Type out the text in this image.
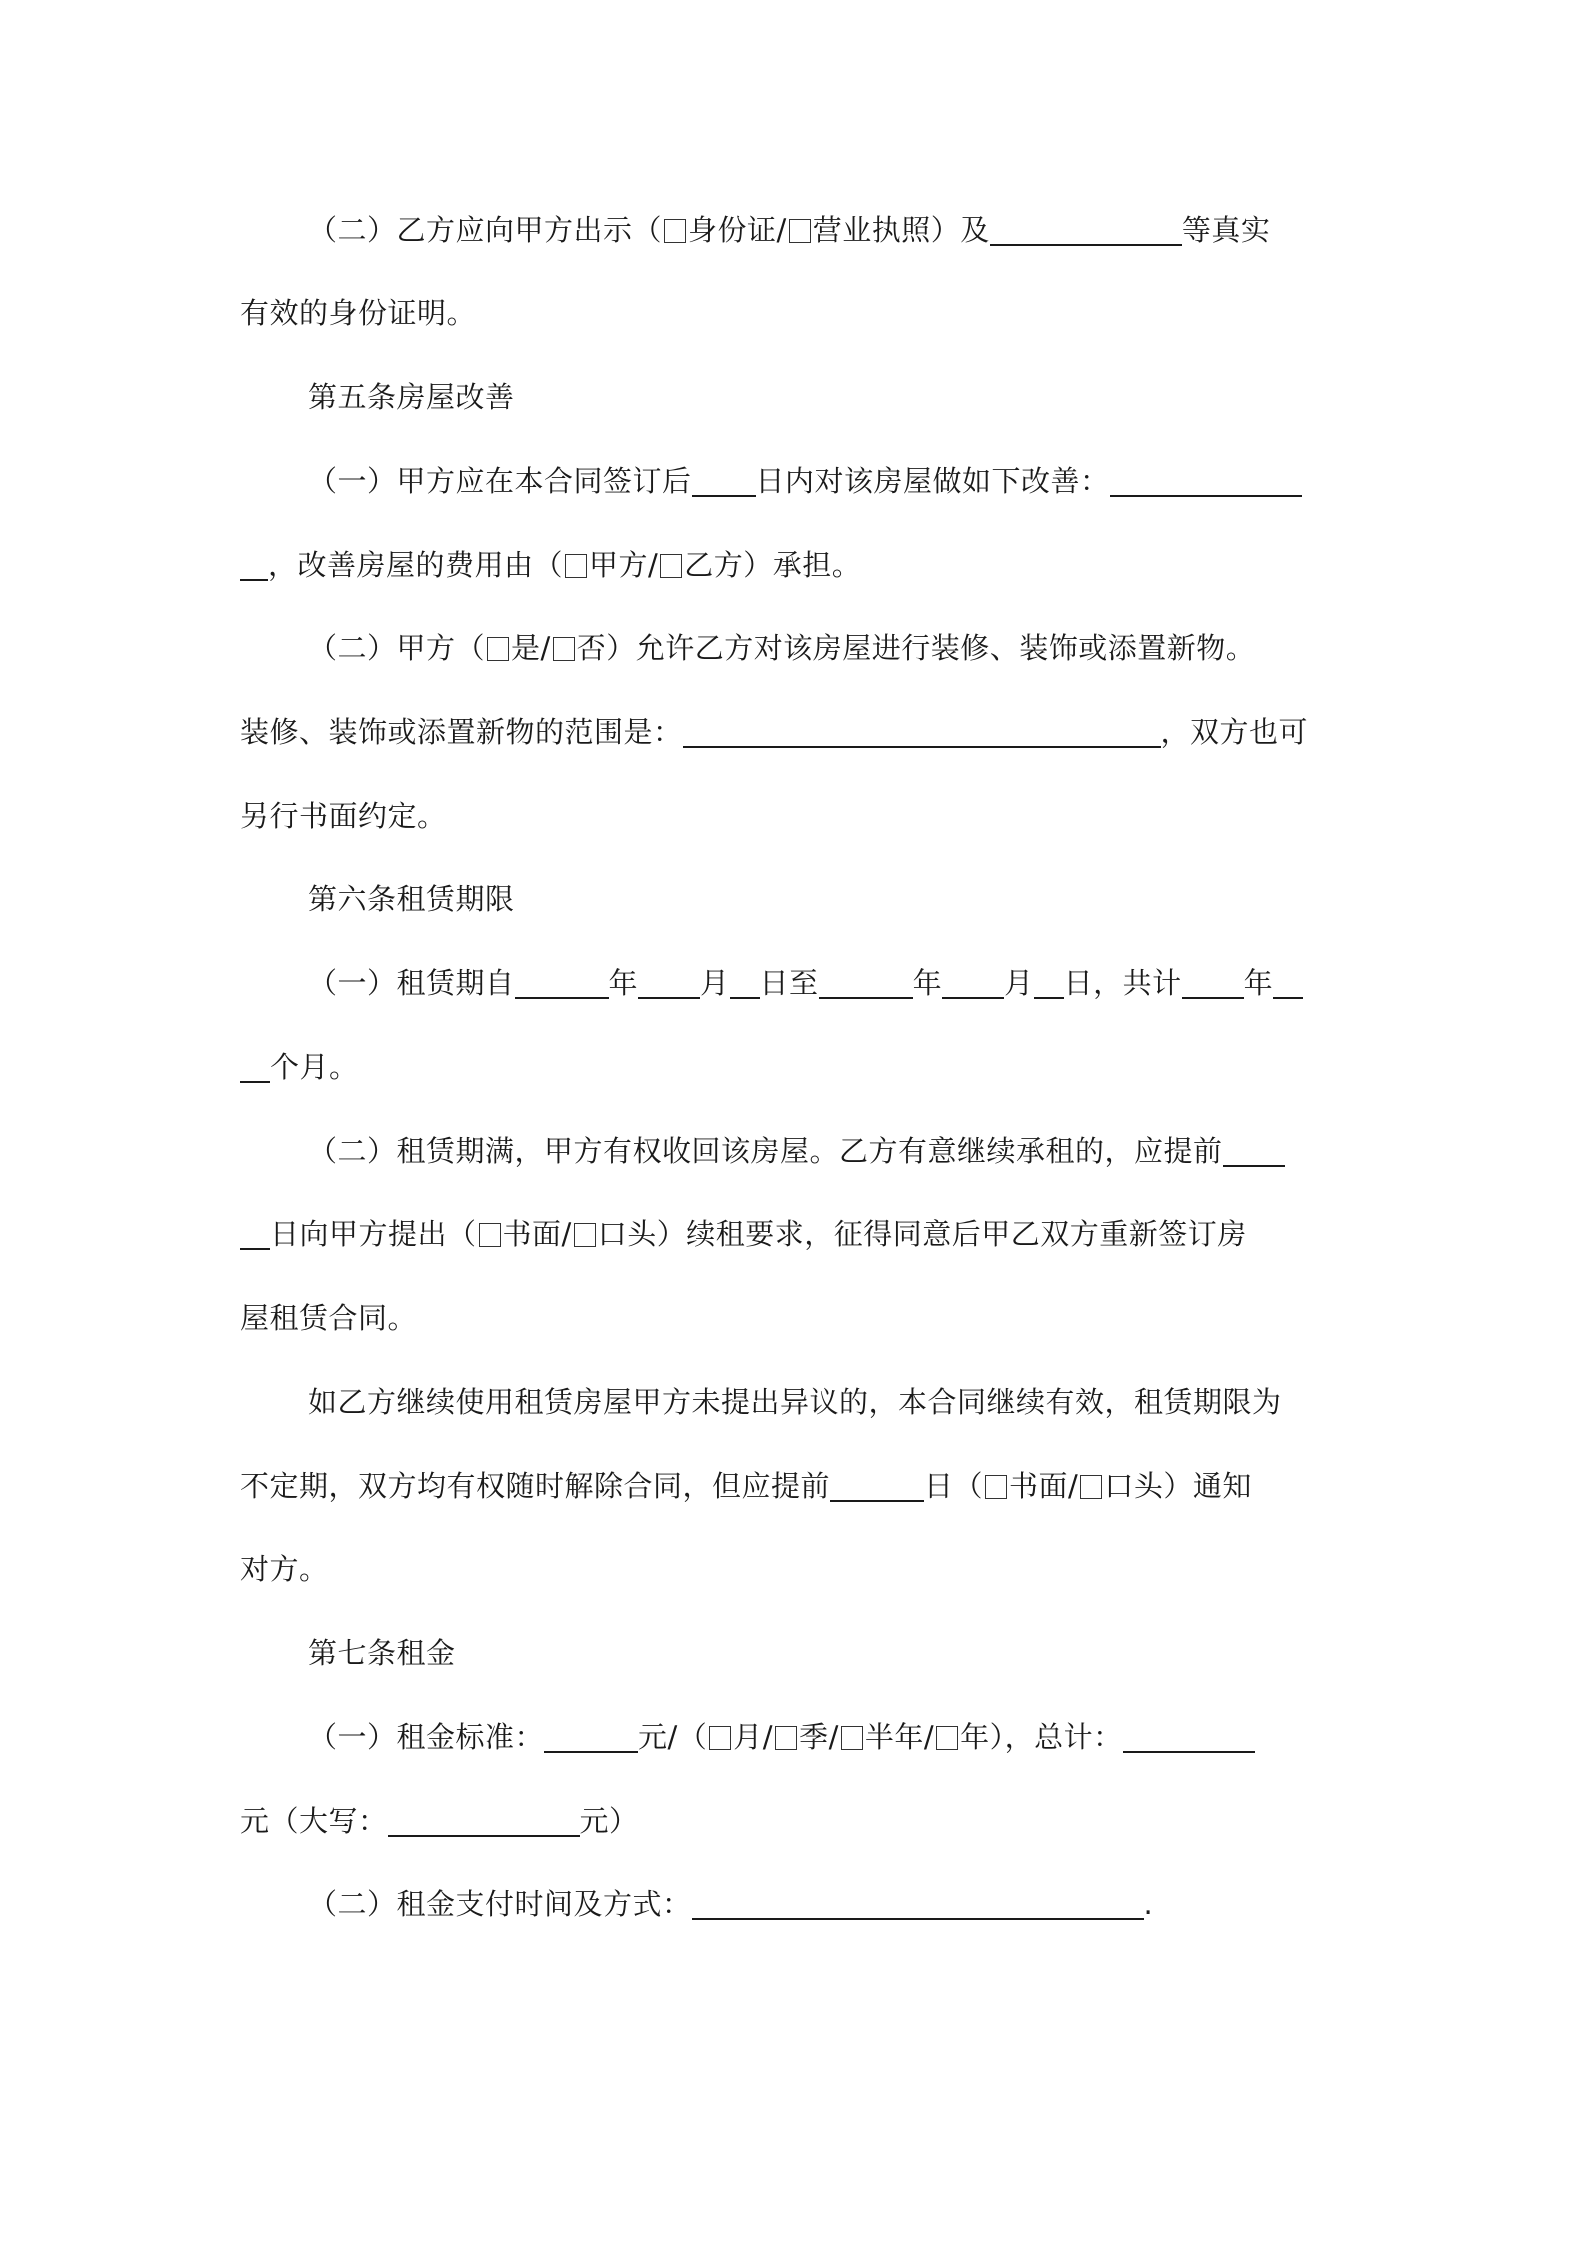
（二）乙方应向甲方出示（ 身份证/ 营业执照）及	等真实
有效的身份证明。
第五条房屋改善
（一）甲方应在本合同签订后 日内对该房屋做如下改善：
，改善房屋的费用由（ 甲方/ 乙方）承担。
（二）甲方（ 是/ 否）允许乙方对该房屋进行装修、装饰或添置新物。
装修、装饰或添置新物的范围是：	，双方也可
另行书面约定。
第六条租赁期限
（一）租赁期自	年 月 日至	年 月 日，共计 年
个月。
（二）租赁期满，甲方有权收回该房屋。乙方有意继续承租的，应提前
日向甲方提出（ 书面/ 口头）续租要求，征得同意后甲乙双方重新签订房
屋租赁合同。
如乙方继续使用租赁房屋甲方未提出异议的，本合同继续有效，租赁期限为
不定期，双方均有权随时解除合同，但应提前	日（ 书面/ 口头）通知
对方。
第七条租金
（一）租金标准：	元/（ 月/ 季/ 半年/ 年），总计：
元（大写：	元）
（二）租金支付时间及方式：	.
